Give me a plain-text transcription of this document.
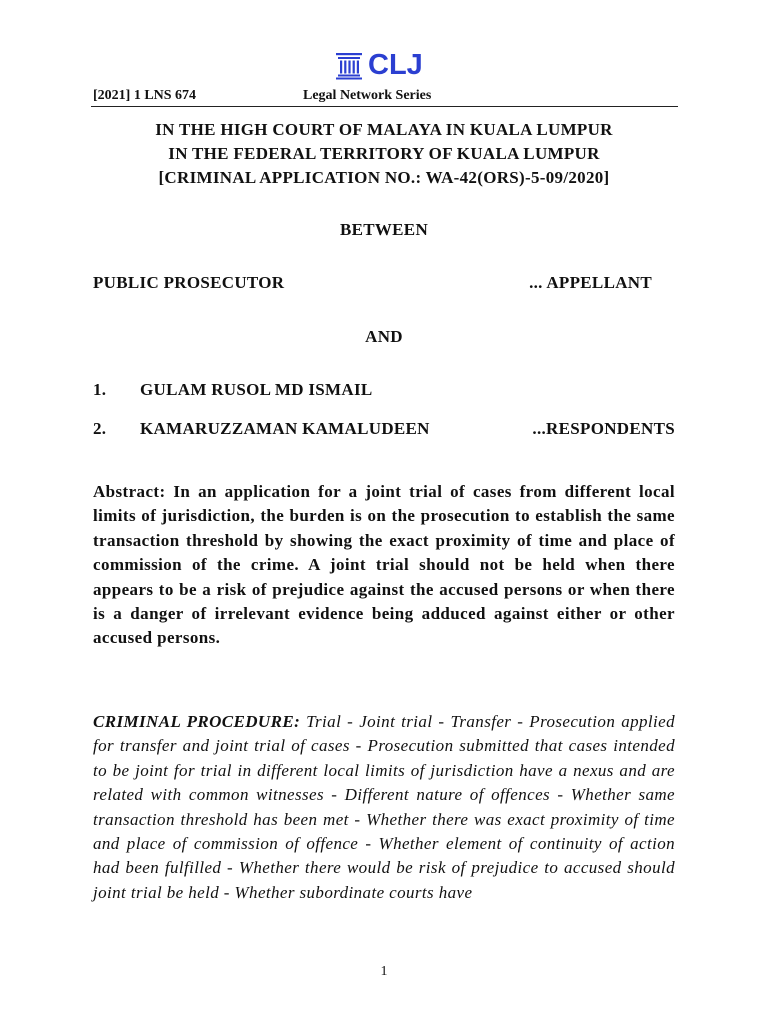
CLJ
[2021] 1 LNS 674	Legal Network Series
IN THE HIGH COURT OF MALAYA IN KUALA LUMPUR
IN THE FEDERAL TERRITORY OF KUALA LUMPUR
[CRIMINAL APPLICATION NO.: WA-42(ORS)-5-09/2020]
BETWEEN
PUBLIC PROSECUTOR	... APPELLANT
AND
1. GULAM RUSOL MD ISMAIL
2. KAMARUZZAMAN KAMALUDEEN	...RESPONDENTS
Abstract: In an application for a joint trial of cases from different local limits of jurisdiction, the burden is on the prosecution to establish the same transaction threshold by showing the exact proximity of time and place of commission of the crime. A joint trial should not be held when there appears to be a risk of prejudice against the accused persons or when there is a danger of irrelevant evidence being adduced against either or other accused persons.
CRIMINAL PROCEDURE: Trial - Joint trial - Transfer - Prosecution applied for transfer and joint trial of cases - Prosecution submitted that cases intended to be joint for trial in different local limits of jurisdiction have a nexus and are related with common witnesses - Different nature of offences - Whether same transaction threshold has been met - Whether there was exact proximity of time and place of commission of offence - Whether element of continuity of action had been fulfilled - Whether there would be risk of prejudice to accused should joint trial be held - Whether subordinate courts have
1
